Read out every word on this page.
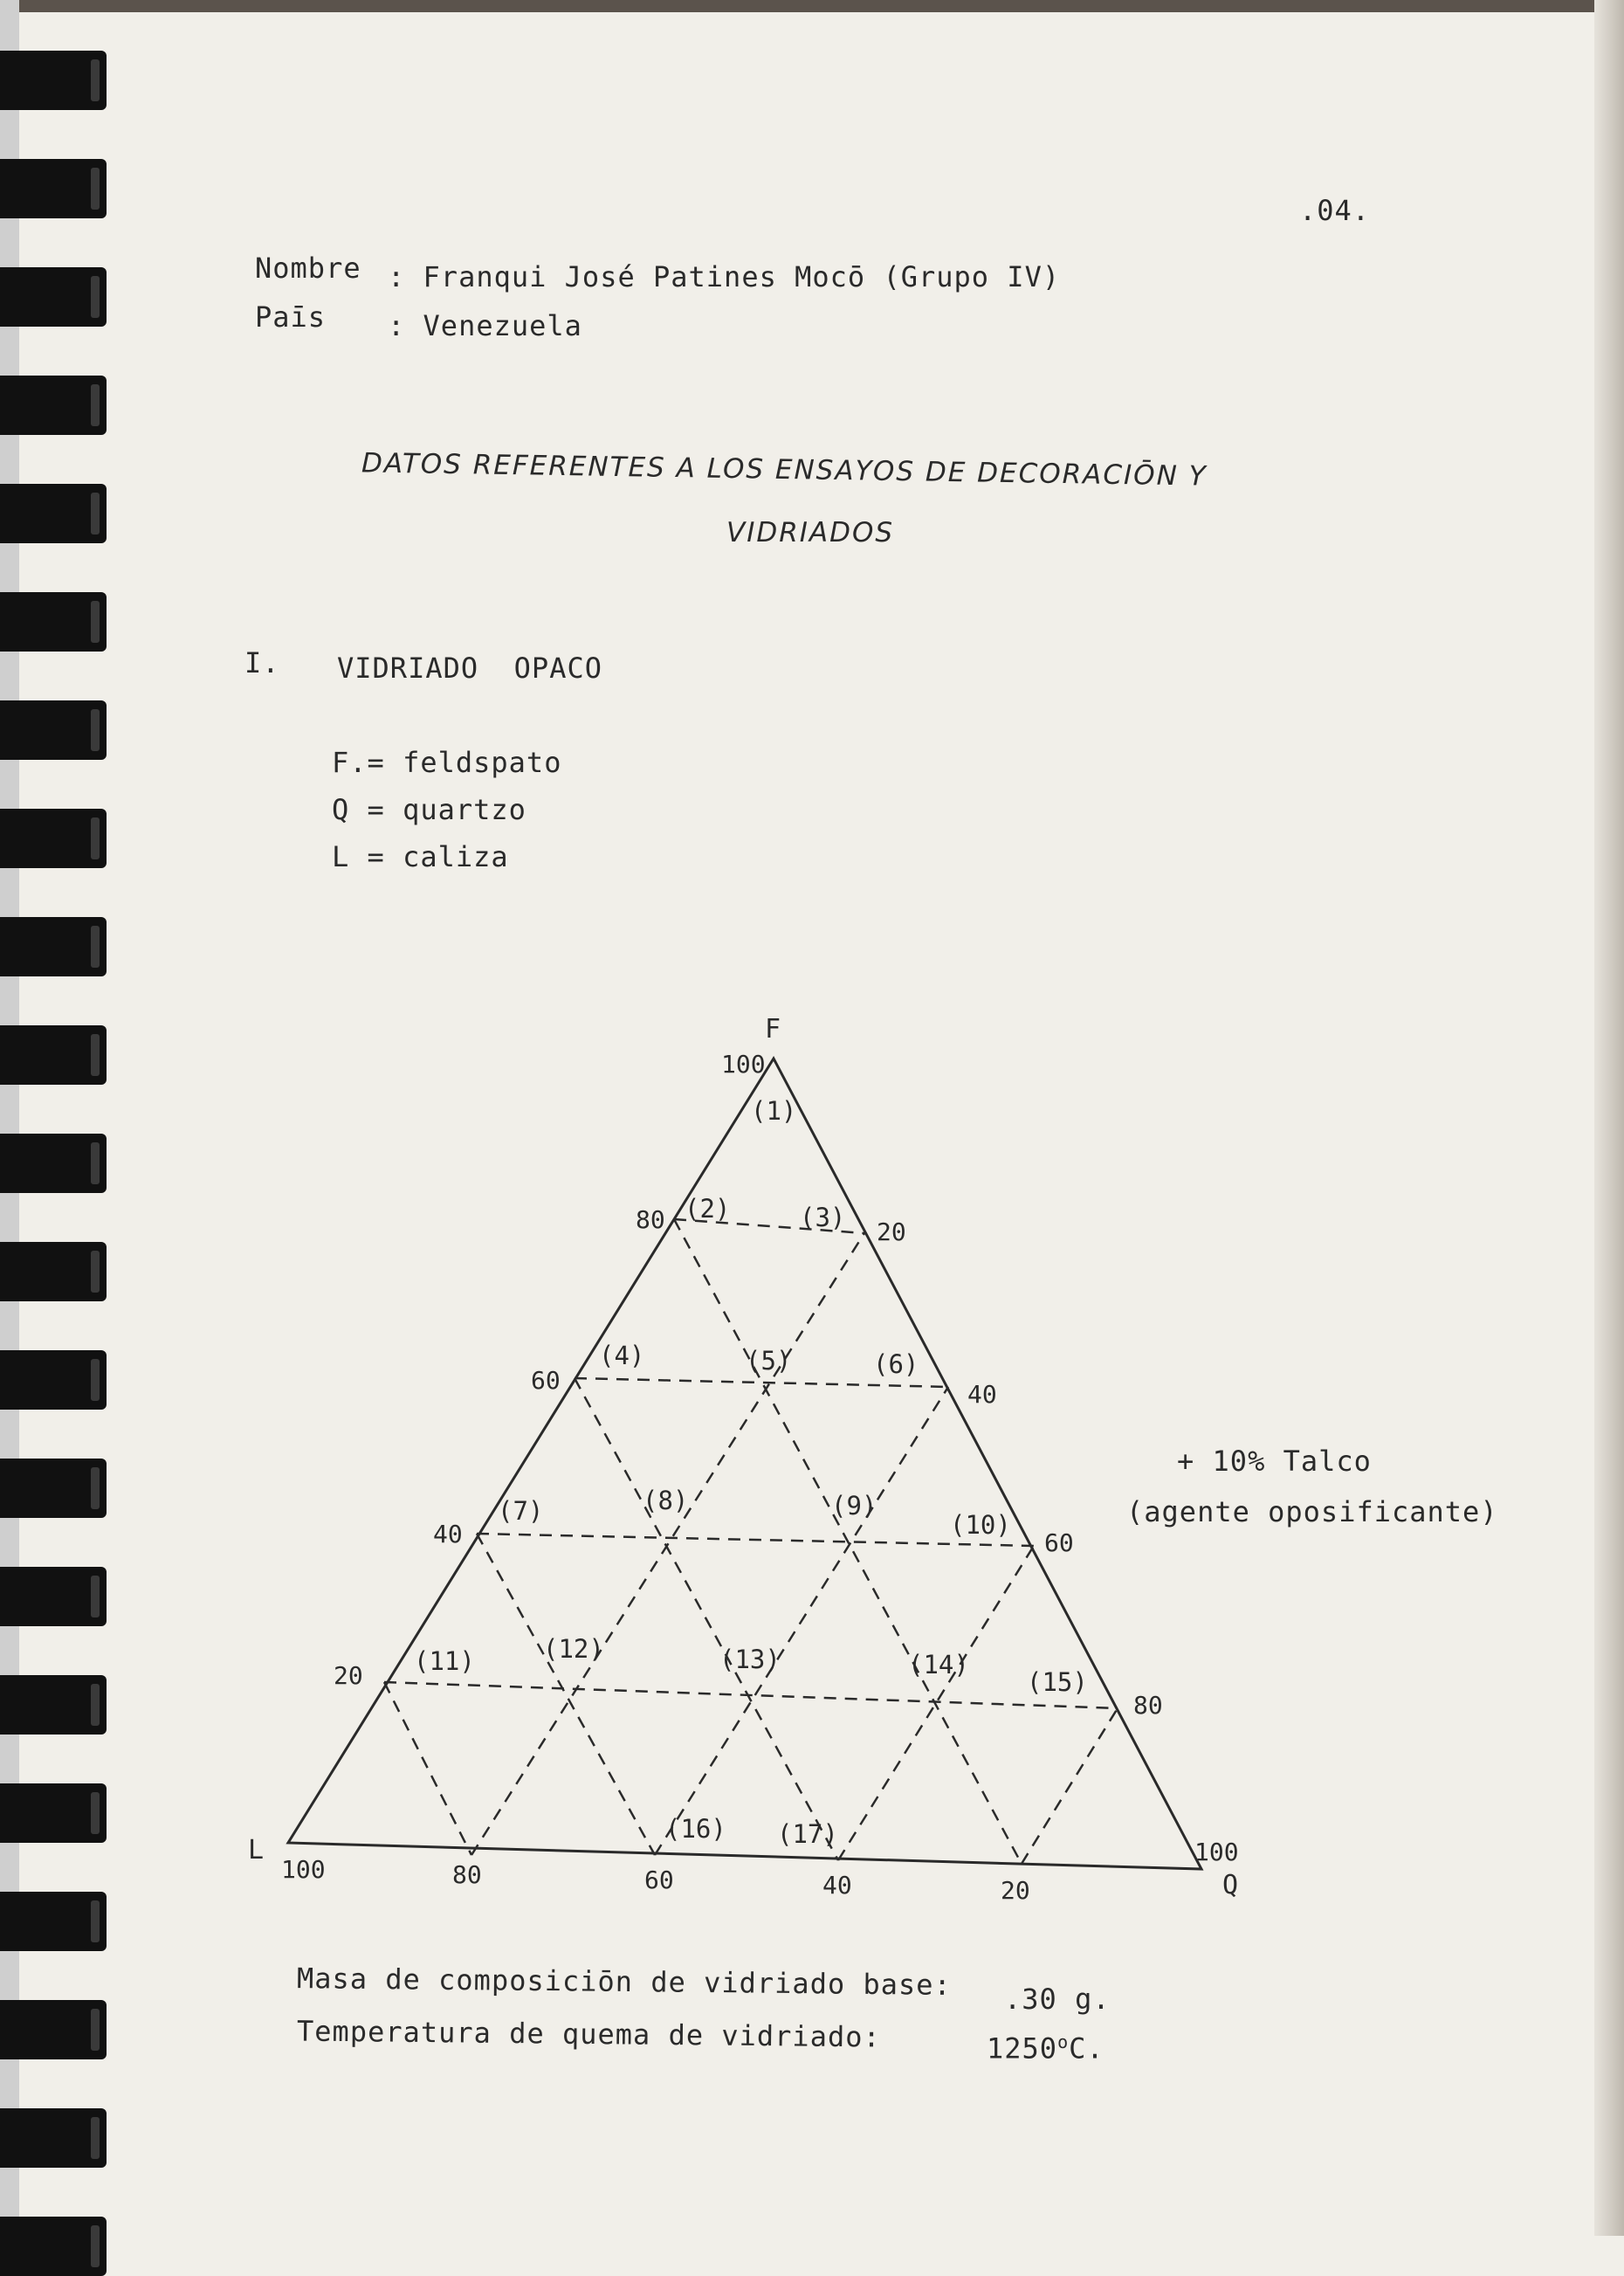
.04.
Nombre : Franqui José Patines Mocō (Grupo IV)
Paīs : Venezuela
DATOS REFERENTES A LOS ENSAYOS DE DECORACIŌN Y
VIDRIADOS
I. VIDRIADO  OPACO
F.= feldspato
Q = quartzo
L = caliza
F
L
Q
100
80
60
40
20
20
40
60
80
100
100	80	60	40	20
(1)
(2)	(3)
(4)	(5)	(6)
(7)	(8)	(9)
(10)
(11)	(12)	(13)	(14)
(15)
(16) (17)
+ 10% Talco
(agente oposificante)
Masa de composiciōn de vidriado base: .30 g.
Temperatura de quema de vidriado:	1250$^o$C.
